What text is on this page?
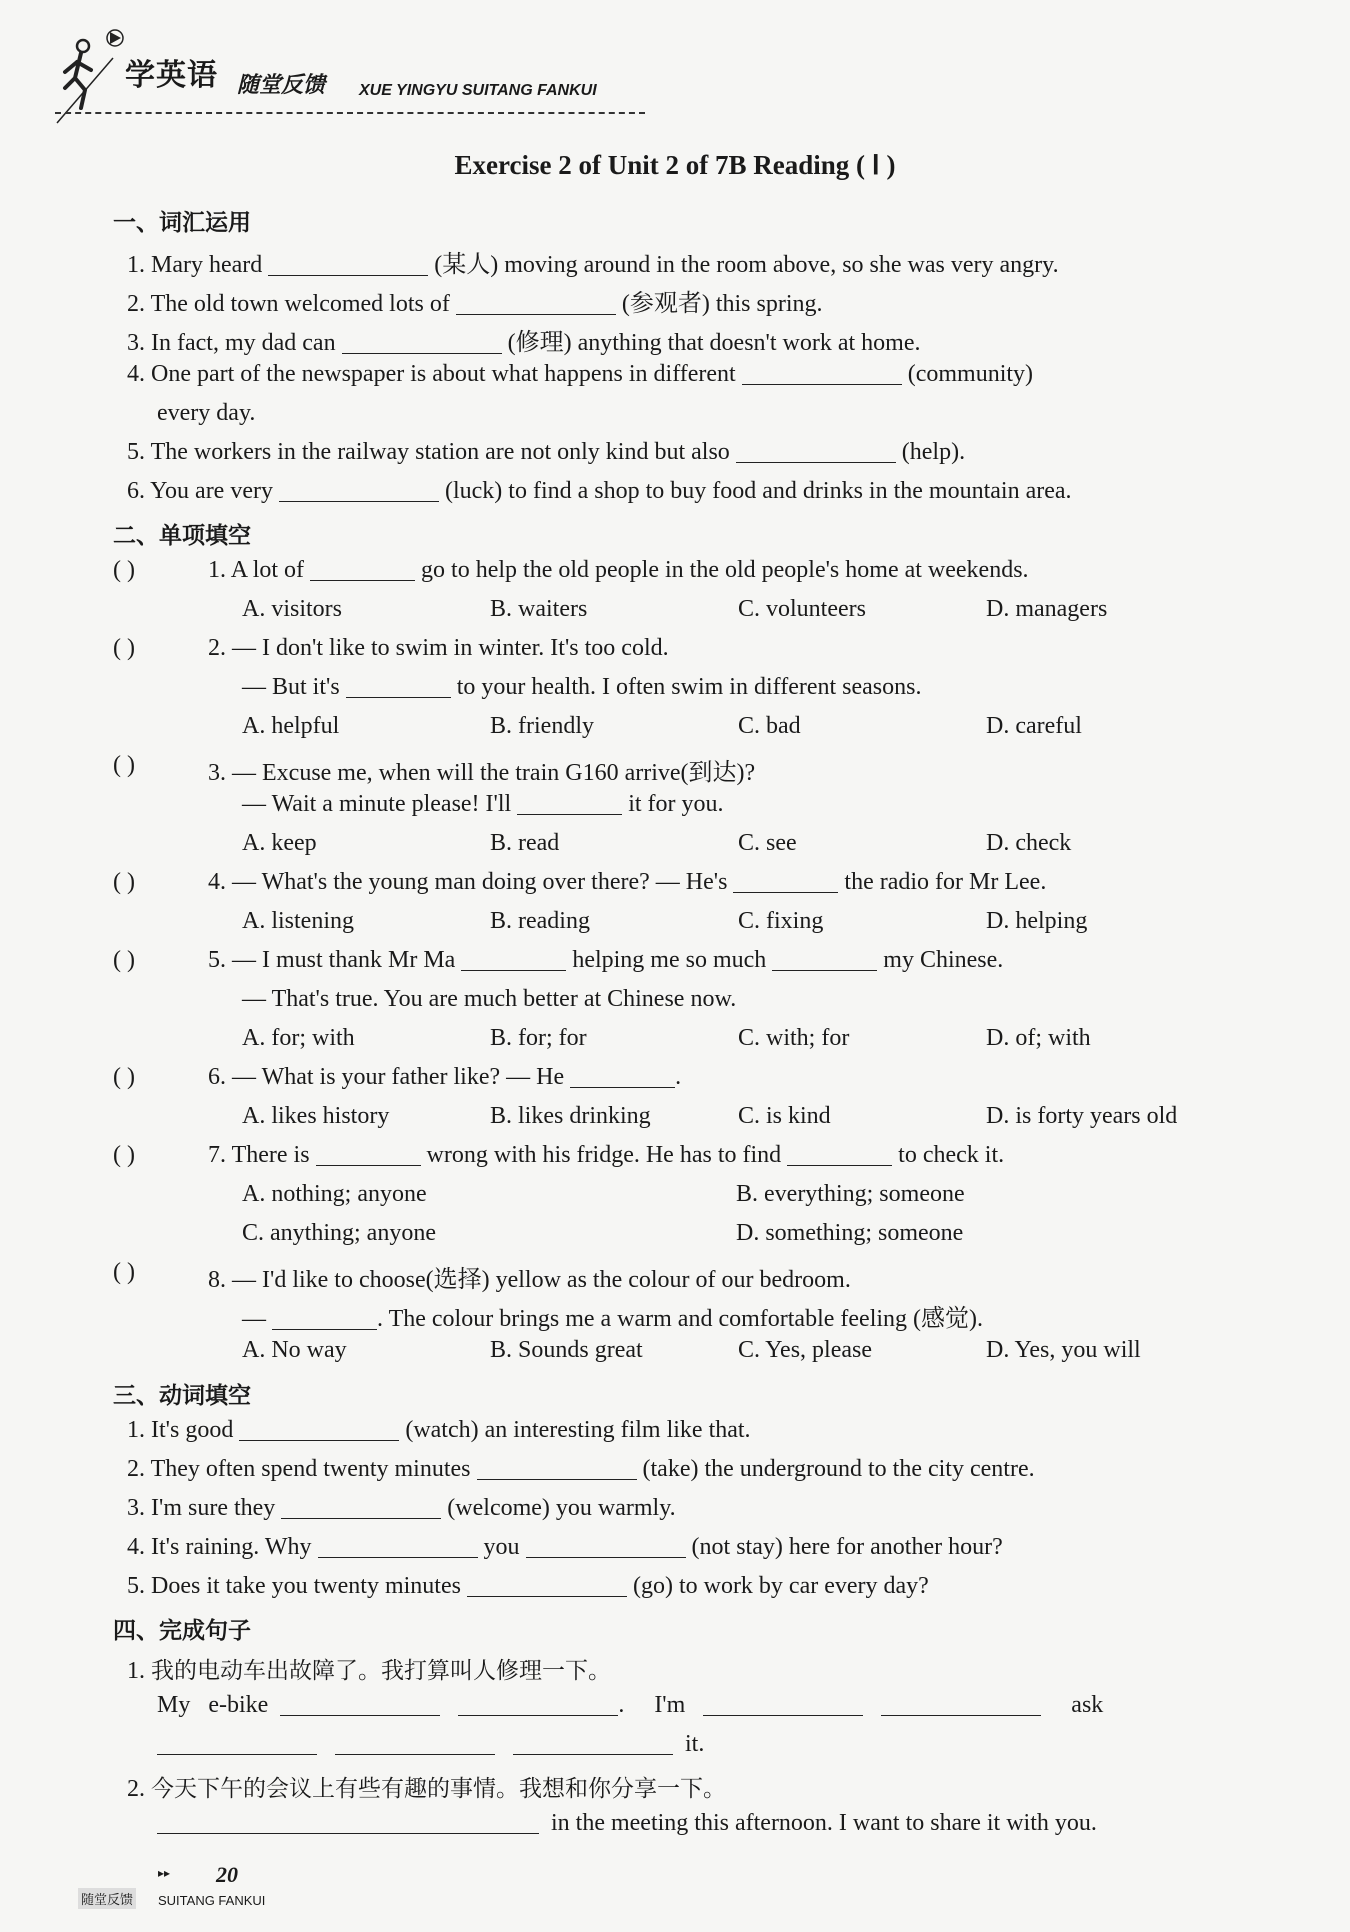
学英语 随堂反馈 XUE YINGYU SUITANG FANKUI
Exercise 2 of Unit 2 of 7B Reading ( Ⅰ )
一、词汇运用
1. Mary heard	(某人) moving around in the room above, so she was very angry.
2. The old town welcomed lots of	(参观者) this spring.
3. In fact, my dad can	(修理) anything that doesn't work at home.
4. One part of the newspaper is about what happens in different	(community)
every day.
5. The workers in the railway station are not only kind but also	(help).
6. You are very	(luck) to find a shop to buy food and drinks in the mountain area.
二、单项填空
( )	1. A lot of	go to help the old people in the old people's home at weekends.
A. visitors	B. waiters	C. volunteers	D. managers
( )	2. — I don't like to swim in winter. It's too cold.
— But it's	to your health. I often swim in different seasons.
A. helpful	B. friendly	C. bad	D. careful
( )	3. — Excuse me, when will the train G160 arrive(到达)?
— Wait a minute please! I'll	it for you.
A. keep	B. read	C. see	D. check
( )	4. — What's the young man doing over there? — He's	the radio for Mr Lee.
A. listening	B. reading	C. fixing	D. helping
( )	5. — I must thank Mr Ma	helping me so much	my Chinese.
— That's true. You are much better at Chinese now.
A. for; with	B. for; for	C. with; for	D. of; with
( )	6. — What is your father like? — He	.
A. likes history	B. likes drinking	C. is kind	D. is forty years old
( )	7. There is	wrong with his fridge. He has to find	to check it.
A. nothing; anyone	B. everything; someone
C. anything; anyone	D. something; someone
( )	8. — I'd like to choose(选择) yellow as the colour of our bedroom.
—	. The colour brings me a warm and comfortable feeling (感觉).
A. No way	B. Sounds great	C. Yes, please	D. Yes, you will
三、动词填空
1. It's good	(watch) an interesting film like that.
2. They often spend twenty minutes	(take) the underground to the city centre.
3. I'm sure they	(welcome) you warmly.
4. It's raining. Why	you	(not stay) here for another hour?
5. Does it take you twenty minutes	(go) to work by car every day?
四、完成句子
1. 我的电动车出故障了。我打算叫人修理一下。
My e-bike	. I'm	ask
it.
2. 今天下午的会议上有些有趣的事情。我想和你分享一下。
in the meeting this afternoon. I want to share it with you.
▸▸ 20
随堂反馈 SUITANG FANKUI
